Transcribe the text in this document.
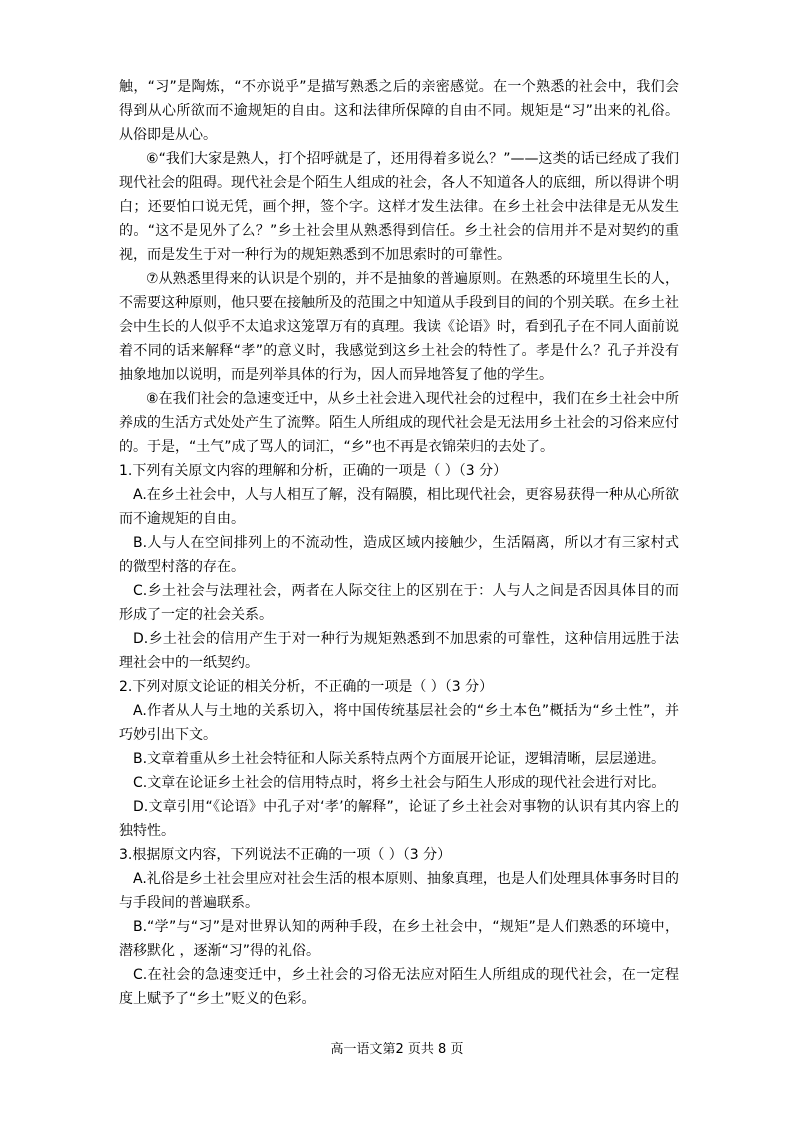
触，“习”是陶炼，“不亦说乎”是描写熟悉之后的亲密感觉。在一个熟悉的社会中，我们会得到从心所欲而不逾规矩的自由。这和法律所保障的自由不同。规矩是“习”出来的礼俗。从俗即是从心。

⑥“我们大家是熟人，打个招呼就是了，还用得着多说么？”——这类的话已经成了我们现代社会的阻碍。现代社会是个陌生人组成的社会，各人不知道各人的底细，所以得讲个明白；还要怕口说无凭，画个押，签个字。这样才发生法律。在乡土社会中法律是无从发生的。“这不是见外了么？”乡土社会里从熟悉得到信任。乡土社会的信用并不是对契约的重视，而是发生于对一种行为的规矩熟悉到不加思索时的可靠性。

⑦从熟悉里得来的认识是个别的，并不是抽象的普遍原则。在熟悉的环境里生长的人，不需要这种原则，他只要在接触所及的范围之中知道从手段到目的间的个别关联。在乡土社会中生长的人似乎不太追求这笼罩万有的真理。我读《论语》时，看到孔子在不同人面前说着不同的话来解释“孝”的意义时，我感觉到这乡土社会的特性了。孝是什么？孔子并没有抽象地加以说明，而是列举具体的行为，因人而异地答复了他的学生。

⑧在我们社会的急速变迁中，从乡土社会进入现代社会的过程中，我们在乡土社会中所养成的生活方式处处产生了流弊。陌生人所组成的现代社会是无法用乡土社会的习俗来应付的。于是，“土气”成了骂人的词汇，“乡”也不再是衣锦荣归的去处了。

1.下列有关原文内容的理解和分析，正确的一项是（ ）（3 分）

A.在乡土社会中，人与人相互了解，没有隔膜，相比现代社会，更容易获得一种从心所欲而不逾规矩的自由。

B.人与人在空间排列上的不流动性，造成区域内接触少，生活隔离，所以才有三家村式的微型村落的存在。

C.乡土社会与法理社会，两者在人际交往上的区别在于：人与人之间是否因具体目的而形成了一定的社会关系。

D.乡土社会的信用产生于对一种行为规矩熟悉到不加思索的可靠性，这种信用远胜于法理社会中的一纸契约。

2.下列对原文论证的相关分析，不正确的一项是（ ）（3 分）

A.作者从人与土地的关系切入，将中国传统基层社会的“乡土本色”概括为“乡土性”，并巧妙引出下文。

B.文章着重从乡土社会特征和人际关系特点两个方面展开论证，逻辑清晰，层层递进。

C.文章在论证乡土社会的信用特点时，将乡土社会与陌生人形成的现代社会进行对比。

D.文章引用“《论语》中孔子对‘孝’的解释”，论证了乡土社会对事物的认识有其内容上的独特性。

3.根据原文内容，下列说法不正确的一项（ ）（3 分）

A.礼俗是乡土社会里应对社会生活的根本原则、抽象真理，也是人们处理具体事务时目的与手段间的普遍联系。

B.“学”与“习”是对世界认知的两种手段，在乡土社会中，“规矩”是人们熟悉的环境中，潜移默化 ，逐渐“习”得的礼俗。

C.在社会的急速变迁中，乡土社会的习俗无法应对陌生人所组成的现代社会，在一定程度上赋予了“乡土”贬义的色彩。

高一语文第2 页共 8 页
